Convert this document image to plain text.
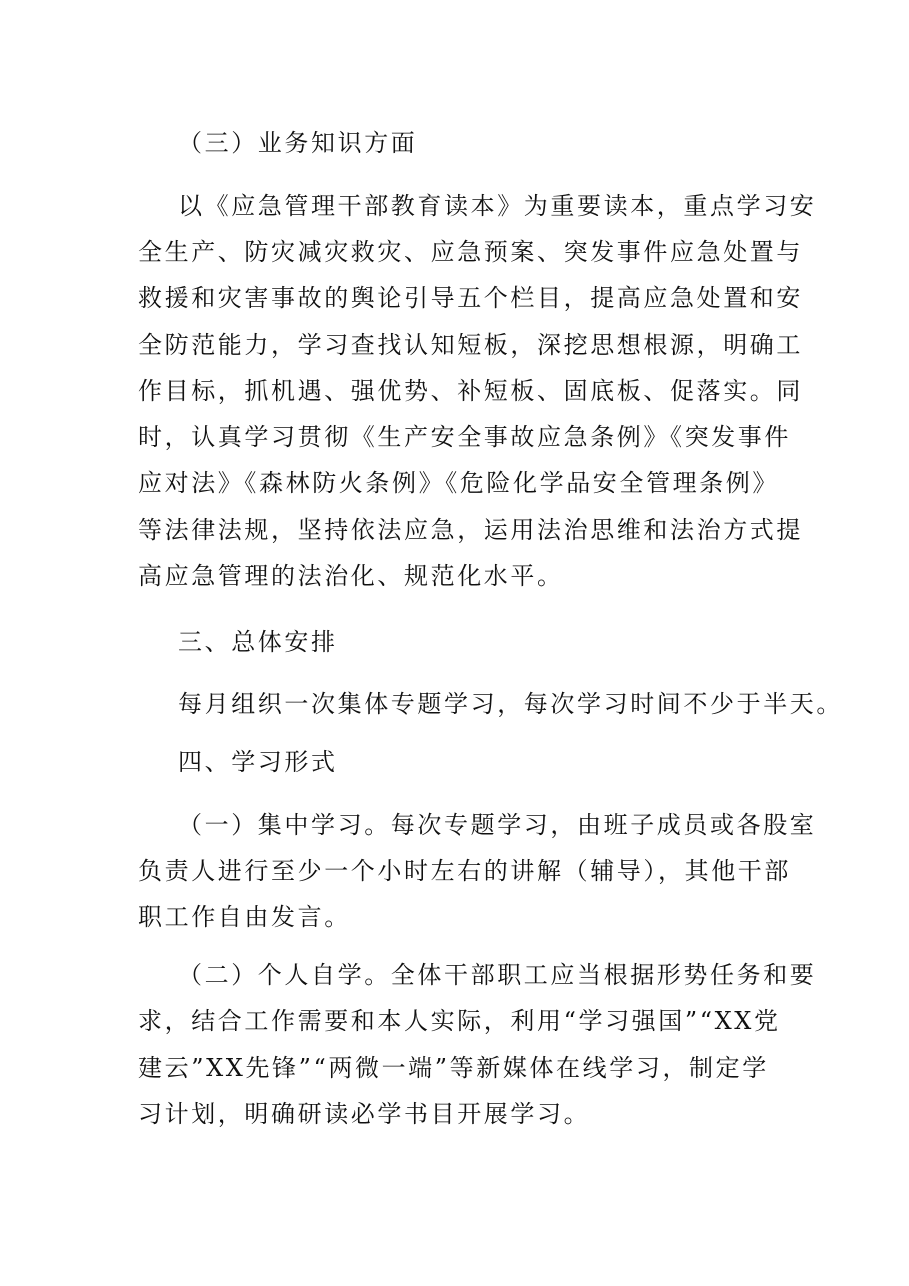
（三）业务知识方面

以《应急管理干部教育读本》为重要读本，重点学习安

全生产、防灾减灾救灾、应急预案、突发事件应急处置与

救援和灾害事故的舆论引导五个栏目，提高应急处置和安

全防范能力，学习查找认知短板，深挖思想根源，明确工

作目标，抓机遇、强优势、补短板、固底板、促落实。同

时，认真学习贯彻《生产安全事故应急条例》《突发事件

应对法》《森林防火条例》《危险化学品安全管理条例》

等法律法规，坚持依法应急，运用法治思维和法治方式提

高应急管理的法治化、规范化水平。

三、总体安排

每月组织一次集体专题学习，每次学习时间不少于半天。

四、学习形式

（一）集中学习。每次专题学习，由班子成员或各股室

负责人进行至少一个小时左右的讲解（辅导），其他干部

职工作自由发言。

（二）个人自学。全体干部职工应当根据形势任务和要

求，结合工作需要和本人实际，利用“学习强国”“XX党

建云”XX先锋”“两微一端”等新媒体在线学习，制定学

习计划，明确研读必学书目开展学习。
